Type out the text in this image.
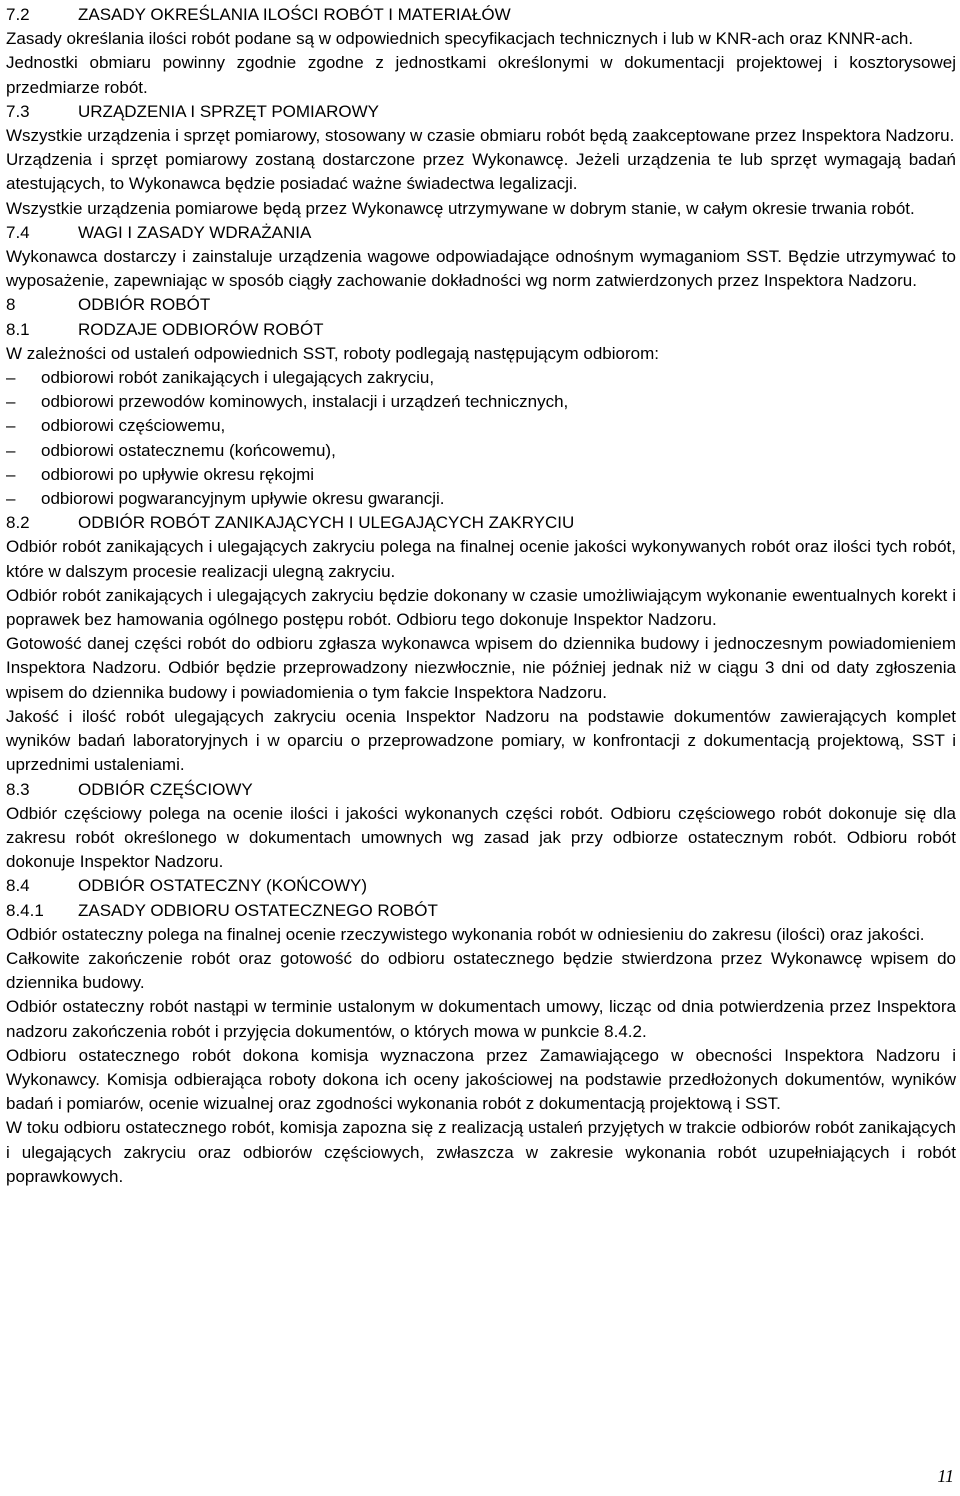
7.2	ZASADY OKREŚLANIA ILOŚCI ROBÓT I MATERIAŁÓW
Zasady określania ilości robót podane są w odpowiednich specyfikacjach technicznych i lub w KNR-ach oraz KNNR-ach.
Jednostki obmiaru powinny zgodnie zgodne z jednostkami określonymi w dokumentacji projektowej i kosztorysowej przedmiarze robót.
7.3	URZĄDZENIA I SPRZĘT POMIAROWY
Wszystkie urządzenia i sprzęt pomiarowy, stosowany w czasie obmiaru robót będą zaakceptowane przez Inspektora Nadzoru.
Urządzenia i sprzęt pomiarowy zostaną dostarczone przez Wykonawcę. Jeżeli urządzenia te lub sprzęt wymagają badań atestujących, to Wykonawca będzie posiadać ważne świadectwa legalizacji.
Wszystkie urządzenia pomiarowe będą przez Wykonawcę utrzymywane w dobrym stanie, w całym okresie trwania robót.
7.4	WAGI I ZASADY WDRAŻANIA
Wykonawca dostarczy i zainstaluje urządzenia wagowe odpowiadające odnośnym wymaganiom SST. Będzie utrzymywać to wyposażenie, zapewniając w sposób ciągły zachowanie dokładności wg norm zatwierdzonych przez Inspektora Nadzoru.
8	ODBIÓR ROBÓT
8.1	RODZAJE ODBIORÓW ROBÓT
W zależności od ustaleń odpowiednich SST, roboty podlegają następującym odbiorom:
– odbiorowi robót zanikających i ulegających zakryciu,
– odbiorowi przewodów kominowych, instalacji i urządzeń technicznych,
– odbiorowi częściowemu,
– odbiorowi ostatecznemu (końcowemu),
– odbiorowi po upływie okresu rękojmi
– odbiorowi pogwarancyjnym upływie okresu gwarancji.
8.2	ODBIÓR ROBÓT ZANIKAJĄCYCH I ULEGAJĄCYCH ZAKRYCIU
Odbiór robót zanikających i ulegających zakryciu polega na finalnej ocenie jakości wykonywanych robót oraz ilości tych robót, które w dalszym procesie realizacji ulegną zakryciu.
Odbiór robót zanikających i ulegających zakryciu będzie dokonany w czasie umożliwiającym wykonanie ewentualnych korekt i poprawek bez hamowania ogólnego postępu robót. Odbioru tego dokonuje Inspektor Nadzoru.
Gotowość danej części robót do odbioru zgłasza wykonawca wpisem do dziennika budowy i jednoczesnym powiadomieniem Inspektora Nadzoru. Odbiór będzie przeprowadzony niezwłocznie, nie później jednak niż w ciągu 3 dni od daty zgłoszenia wpisem do dziennika budowy i powiadomienia o tym fakcie Inspektora Nadzoru.
Jakość i ilość robót ulegających zakryciu ocenia Inspektor Nadzoru na podstawie dokumentów zawierających komplet wyników badań laboratoryjnych i w oparciu o przeprowadzone pomiary, w konfrontacji z dokumentacją projektową, SST i uprzednimi ustaleniami.
8.3	ODBIÓR CZĘŚCIOWY
Odbiór częściowy polega na ocenie ilości i jakości wykonanych części robót. Odbioru częściowego robót dokonuje się dla zakresu robót określonego w dokumentach umownych wg zasad jak przy odbiorze ostatecznym robót. Odbioru robót dokonuje Inspektor Nadzoru.
8.4	ODBIÓR OSTATECZNY (KOŃCOWY)
8.4.1 ZASADY ODBIORU OSTATECZNEGO ROBÓT
Odbiór ostateczny polega na finalnej ocenie rzeczywistego wykonania robót w odniesieniu do zakresu (ilości) oraz jakości.
Całkowite zakończenie robót oraz gotowość do odbioru ostatecznego będzie stwierdzona przez Wykonawcę wpisem do dziennika budowy.
Odbiór ostateczny robót nastąpi w terminie ustalonym w dokumentach umowy, licząc od dnia potwierdzenia przez Inspektora nadzoru zakończenia robót i przyjęcia dokumentów, o których mowa w punkcie 8.4.2.
Odbioru ostatecznego robót dokona komisja wyznaczona przez Zamawiającego w obecności Inspektora Nadzoru i Wykonawcy. Komisja odbierająca roboty dokona ich oceny jakościowej na podstawie przedłożonych dokumentów, wyników badań i pomiarów, ocenie wizualnej oraz zgodności wykonania robót z dokumentacją projektową i SST.
W toku odbioru ostatecznego robót, komisja zapozna się z realizacją ustaleń przyjętych w trakcie odbiorów robót zanikających i ulegających zakryciu oraz odbiorów częściowych, zwłaszcza w zakresie wykonania robót uzupełniających i robót poprawkowych.
11
